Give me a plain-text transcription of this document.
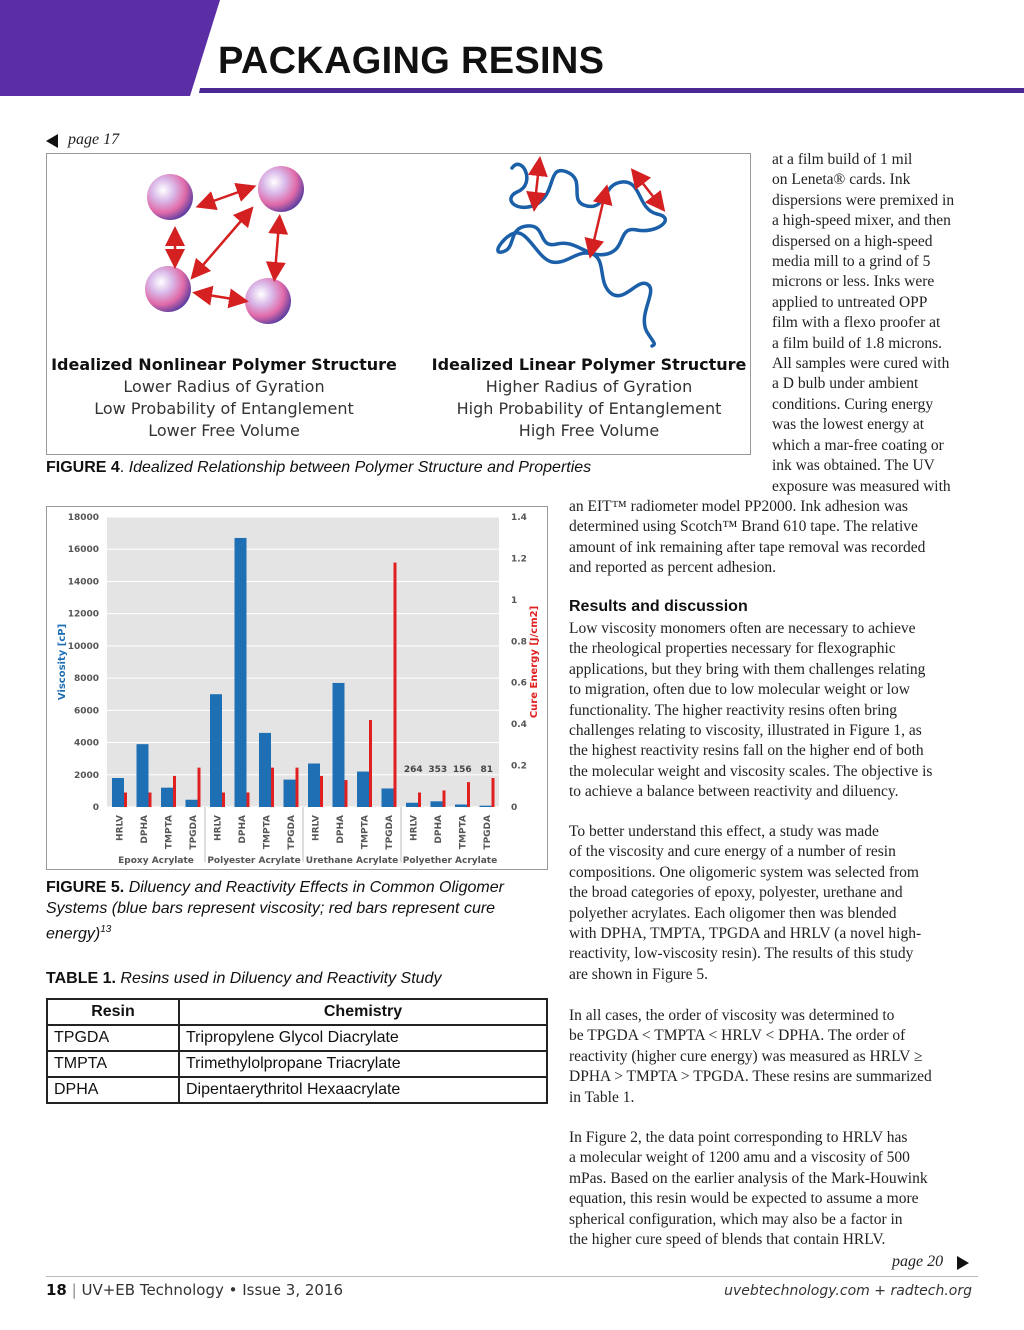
PACKAGING RESINS
page 17
Idealized Nonlinear Polymer Structure
Lower Radius of Gyration
Low Probability of Entanglement
Lower Free Volume
Idealized Linear Polymer Structure
Higher Radius of Gyration
High Probability of Entanglement
High Free Volume
FIGURE 4. Idealized Relationship between Polymer Structure and Properties
18000
16000
14000
12000
10000
8000
6000
4000
2000
0
1.4
1.2
1
0.8
0.6
0.4
0.2
0
Viscosity [cP]	Cure Energy [J/cm2]
HRLV DPHA TMPTA TPGDA HRLV DPHA TMPTA TPGDA HRLV DPHA TMPTA TPGDA HRLV DPHA TMPTA TPGDA
264 353 156 81
Epoxy Acrylate Polyester Acrylate Urethane Acrylate Polyether Acrylate
FIGURE 5. Diluency and Reactivity Effects in Common Oligomer Systems (blue bars represent viscosity; red bars represent cure energy)$^{13}$
TABLE 1. Resins used in Diluency and Reactivity Study
Resin	Chemistry
TPGDA	Tripropylene Glycol Diacrylate
TMPTA	Trimethylolpropane Triacrylate
DPHA	Dipentaerythritol Hexaacrylate
at a film build of 1 mil
on Leneta® cards. Ink
dispersions were premixed in
a high-speed mixer, and then
dispersed on a high-speed
media mill to a grind of 5
microns or less. Inks were
applied to untreated OPP
film with a flexo proofer at
a film build of 1.8 microns.
All samples were cured with
a D bulb under ambient
conditions. Curing energy
was the lowest energy at
which a mar-free coating or
ink was obtained. The UV
exposure was measured with
an EIT™ radiometer model PP2000. Ink adhesion was
determined using Scotch™ Brand 610 tape. The relative
amount of ink remaining after tape removal was recorded
and reported as percent adhesion.
Results and discussion
Low viscosity monomers often are necessary to achieve
the rheological properties necessary for flexographic
applications, but they bring with them challenges relating
to migration, often due to low molecular weight or low
functionality. The higher reactivity resins often bring
challenges relating to viscosity, illustrated in Figure 1, as
the highest reactivity resins fall on the higher end of both
the molecular weight and viscosity scales. The objective is
to achieve a balance between reactivity and diluency.
To better understand this effect, a study was made
of the viscosity and cure energy of a number of resin
compositions. One oligomeric system was selected from
the broad categories of epoxy, polyester, urethane and
polyether acrylates. Each oligomer then was blended
with DPHA, TMPTA, TPGDA and HRLV (a novel high-
reactivity, low-viscosity resin). The results of this study
are shown in Figure 5.
In all cases, the order of viscosity was determined to
be TPGDA < TMPTA < HRLV < DPHA. The order of
reactivity (higher cure energy) was measured as HRLV ≥
DPHA > TMPTA > TPGDA. These resins are summarized
in Table 1.
In Figure 2, the data point corresponding to HRLV has
a molecular weight of 1200 amu and a viscosity of 500
mPas. Based on the earlier analysis of the Mark-Houwink
equation, this resin would be expected to assume a more
spherical configuration, which may also be a factor in
the higher cure speed of blends that contain HRLV.
page 20
18 | UV+EB Technology • Issue 3, 2016	uvebtechnology.com + radtech.org
